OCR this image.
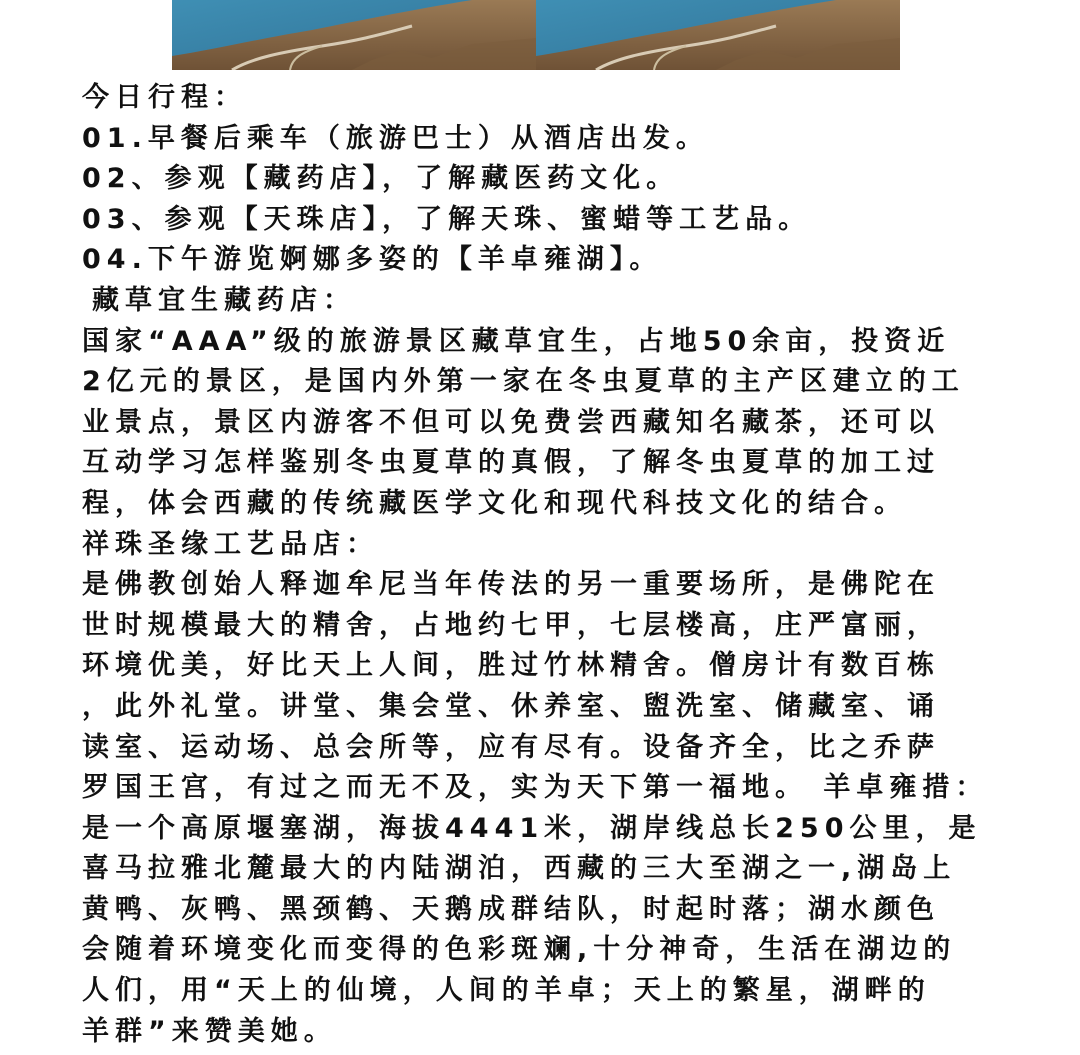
今日行程：

01.早餐后乘车（旅游巴士）从酒店出发。

02、参观【藏药店】，了解藏医药文化。

03、参观【天珠店】，了解天珠、蜜蜡等工艺品。

04.下午游览婀娜多姿的【羊卓雍湖】。

藏草宜生藏药店：

国家“AAA”级的旅游景区藏草宜生，占地50余亩，投资近

2亿元的景区，是国内外第一家在冬虫夏草的主产区建立的工

业景点，景区内游客不但可以免费尝西藏知名藏茶，还可以

互动学习怎样鉴别冬虫夏草的真假，了解冬虫夏草的加工过

程，体会西藏的传统藏医学文化和现代科技文化的结合。

祥珠圣缘工艺品店：

是佛教创始人释迦牟尼当年传法的另一重要场所，是佛陀在

世时规模最大的精舍，占地约七甲，七层楼高，庄严富丽，

环境优美，好比天上人间，胜过竹林精舍。僧房计有数百栋

，此外礼堂。讲堂、集会堂、休养室、盥洗室、储藏室、诵

读室、运动场、总会所等，应有尽有。设备齐全，比之乔萨

罗国王宫，有过之而无不及，实为天下第一福地。 羊卓雍措：

是一个高原堰塞湖，海拔4441米，湖岸线总长250公里，是

喜马拉雅北麓最大的内陆湖泊，西藏的三大至湖之一,湖岛上

黄鸭、灰鸭、黑颈鹤、天鹅成群结队，时起时落；湖水颜色

会随着环境变化而变得的色彩斑斓,十分神奇，生活在湖边的

人们，用“天上的仙境，人间的羊卓；天上的繁星，湖畔的

羊群”来赞美她。
